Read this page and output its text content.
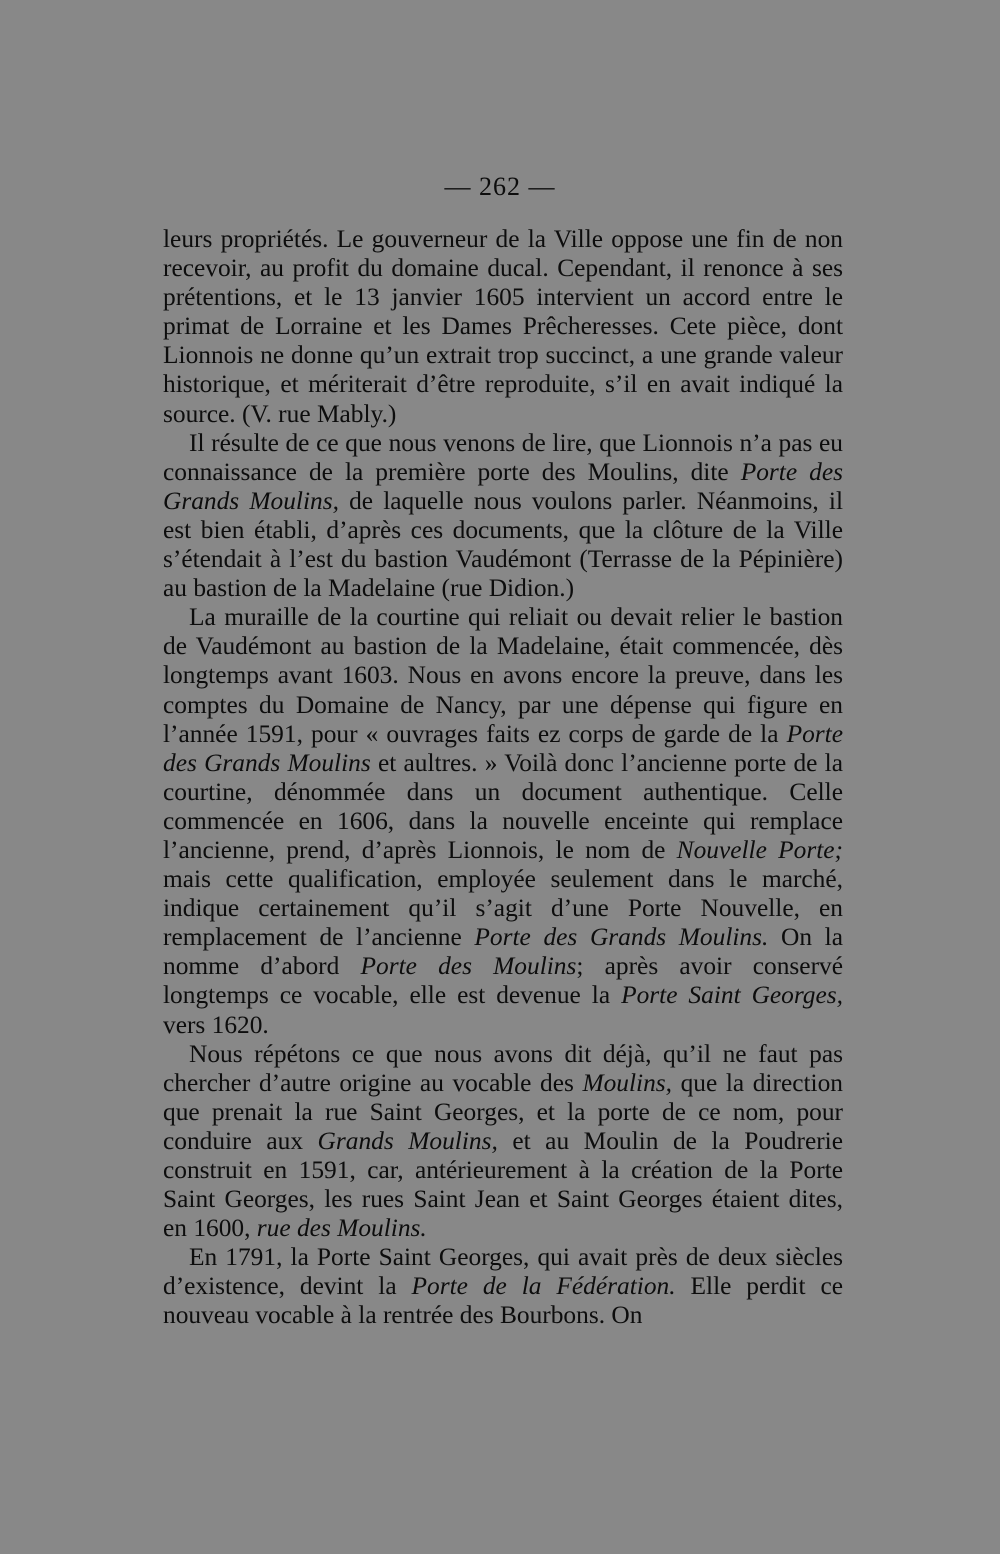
— 262 —

leurs propriétés. Le gouverneur de la Ville oppose une fin de non recevoir, au profit du domaine ducal. Cependant, il renonce à ses prétentions, et le 13 janvier 1605 intervient un accord entre le primat de Lorraine et les Dames Prêcheresses. Cete pièce, dont Lionnois ne donne qu’un extrait trop succinct, a une grande valeur historique, et mériterait d’être reproduite, s’il en avait indiqué la source. (V. rue Mably.)

Il résulte de ce que nous venons de lire, que Lionnois n’a pas eu connaissance de la première porte des Moulins, dite Porte des Grands Moulins, de laquelle nous voulons parler. Néanmoins, il est bien établi, d’après ces documents, que la clôture de la Ville s’étendait à l’est du bastion Vaudémont (Terrasse de la Pépinière) au bastion de la Madelaine (rue Didion.)

La muraille de la courtine qui reliait ou devait relier le bastion de Vaudémont au bastion de la Madelaine, était commencée, dès longtemps avant 1603. Nous en avons encore la preuve, dans les comptes du Domaine de Nancy, par une dépense qui figure en l’année 1591, pour « ouvrages faits ez corps de garde de la Porte des Grands Moulins et aultres. » Voilà donc l’ancienne porte de la courtine, dénommée dans un document authentique. Celle commencée en 1606, dans la nouvelle enceinte qui remplace l’ancienne, prend, d’après Lionnois, le nom de Nouvelle Porte; mais cette qualification, employée seulement dans le marché, indique certainement qu’il s’agit d’une Porte Nouvelle, en remplacement de l’ancienne Porte des Grands Moulins. On la nomme d’abord Porte des Moulins; après avoir conservé longtemps ce vocable, elle est devenue la Porte Saint Georges, vers 1620.

Nous répétons ce que nous avons dit déjà, qu’il ne faut pas chercher d’autre origine au vocable des Moulins, que la direction que prenait la rue Saint Georges, et la porte de ce nom, pour conduire aux Grands Moulins, et au Moulin de la Poudrerie construit en 1591, car, antérieurement à la création de la Porte Saint Georges, les rues Saint Jean et Saint Georges étaient dites, en 1600, rue des Moulins.

En 1791, la Porte Saint Georges, qui avait près de deux siècles d’existence, devint la Porte de la Fédération. Elle perdit ce nouveau vocable à la rentrée des Bourbons. On
